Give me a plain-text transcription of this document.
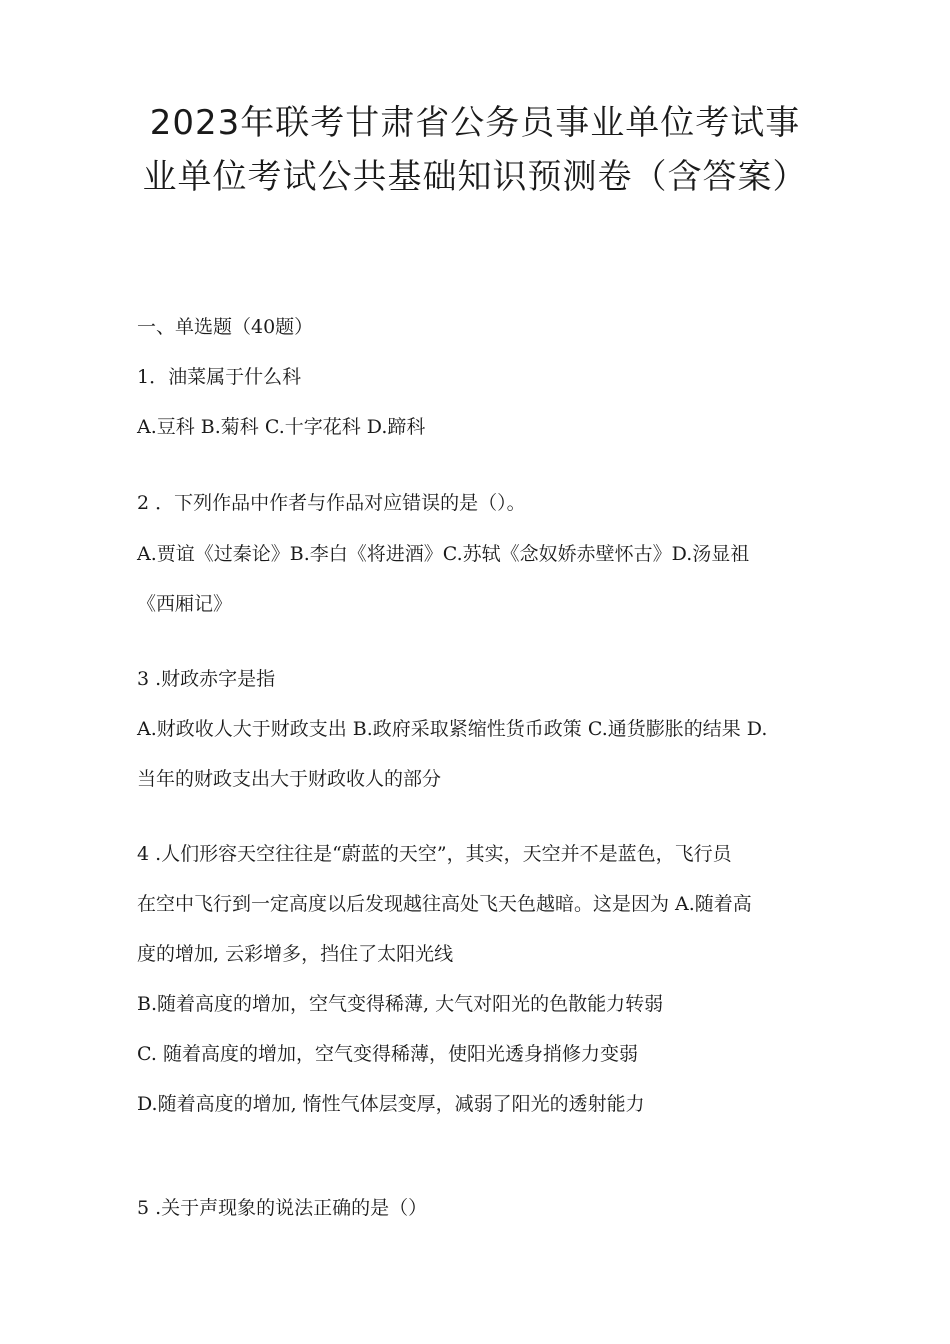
2023年联考甘肃省公务员事业单位考试事
业单位考试公共基础知识预测卷（含答案）

一、单选题（40题）

1．油菜属于什么科

A.豆科 B.菊科 C.十字花科 D.蹄科

2 ．下列作品中作者与作品对应错误的是（）。

A.贾谊《过秦论》B.李白《将进酒》C.苏轼《念奴娇赤壁怀古》D.汤显祖

《西厢记》

3 .财政赤字是指

A.财政收人大于财政支出 B.政府采取紧缩性货币政策 C.通货膨胀的结果 D.

当年的财政支出大于财政收人的部分

4 .人们形容天空往往是“蔚蓝的天空”，其实，天空并不是蓝色，飞行员

在空中飞行到一定高度以后发现越往高处飞天色越暗。这是因为 A.随着高

度的增加, 云彩增多，挡住了太阳光线

B.随着高度的增加，空气变得稀薄, 大气对阳光的色散能力转弱

C. 随着高度的增加，空气变得稀薄，使阳光透身捎修力变弱

D.随着高度的增加, 惰性气体层变厚，减弱了阳光的透射能力

5 .关于声现象的说法正确的是（）
